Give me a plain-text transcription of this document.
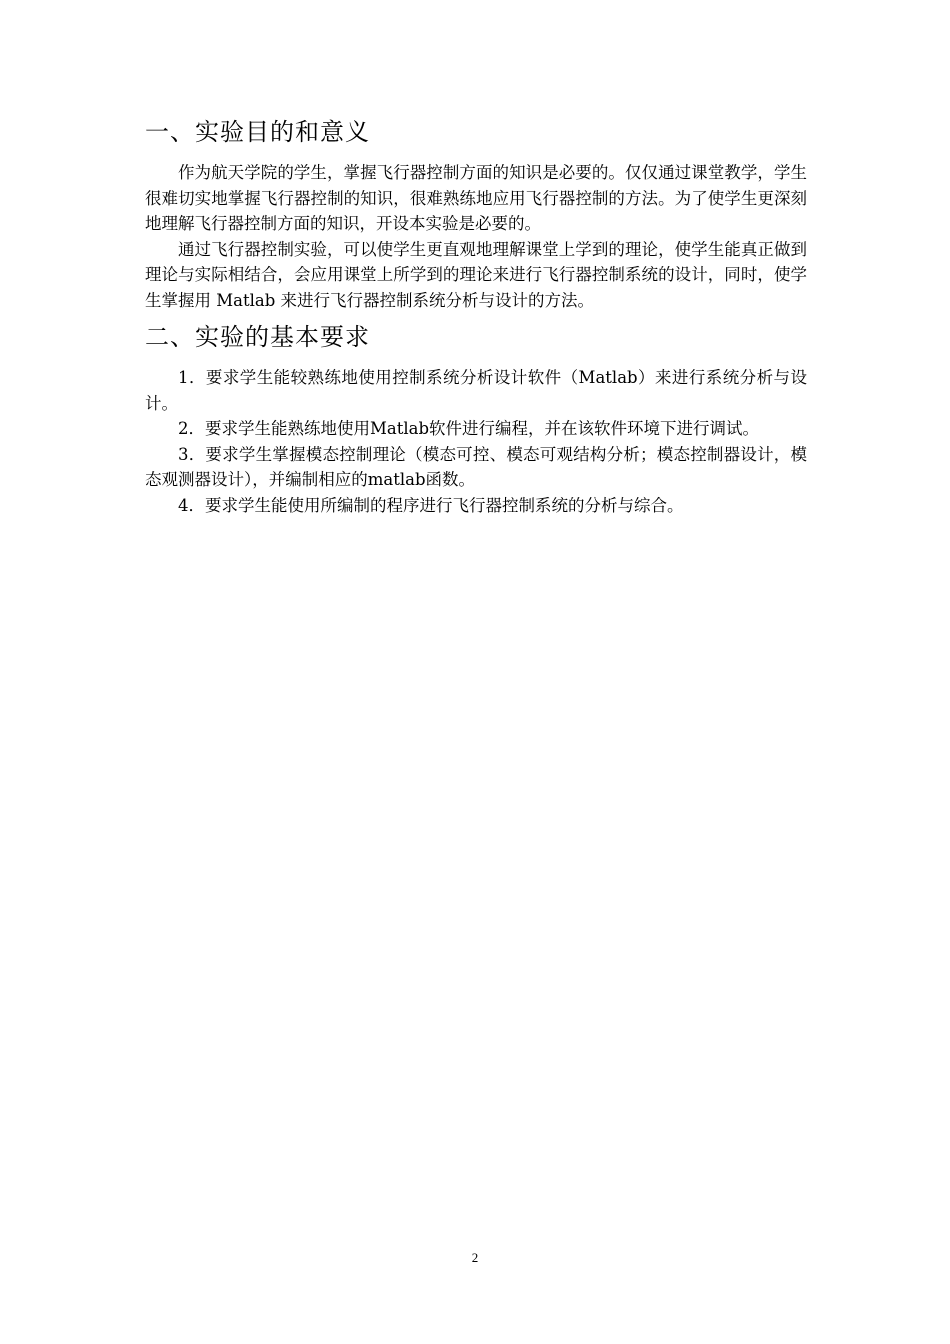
一、实验目的和意义

作为航天学院的学生，掌握飞行器控制方面的知识是必要的。仅仅通过课堂教学，学生很难切实地掌握飞行器控制的知识，很难熟练地应用飞行器控制的方法。为了使学生更深刻地理解飞行器控制方面的知识，开设本实验是必要的。

通过飞行器控制实验，可以使学生更直观地理解课堂上学到的理论，使学生能真正做到理论与实际相结合，会应用课堂上所学到的理论来进行飞行器控制系统的设计，同时，使学生掌握用 Matlab 来进行飞行器控制系统分析与设计的方法。

二、实验的基本要求

1．要求学生能较熟练地使用控制系统分析设计软件（Matlab）来进行系统分析与设计。

2．要求学生能熟练地使用Matlab软件进行编程，并在该软件环境下进行调试。

3．要求学生掌握模态控制理论（模态可控、模态可观结构分析；模态控制器设计，模态观测器设计），并编制相应的matlab函数。

4．要求学生能使用所编制的程序进行飞行器控制系统的分析与综合。

2
